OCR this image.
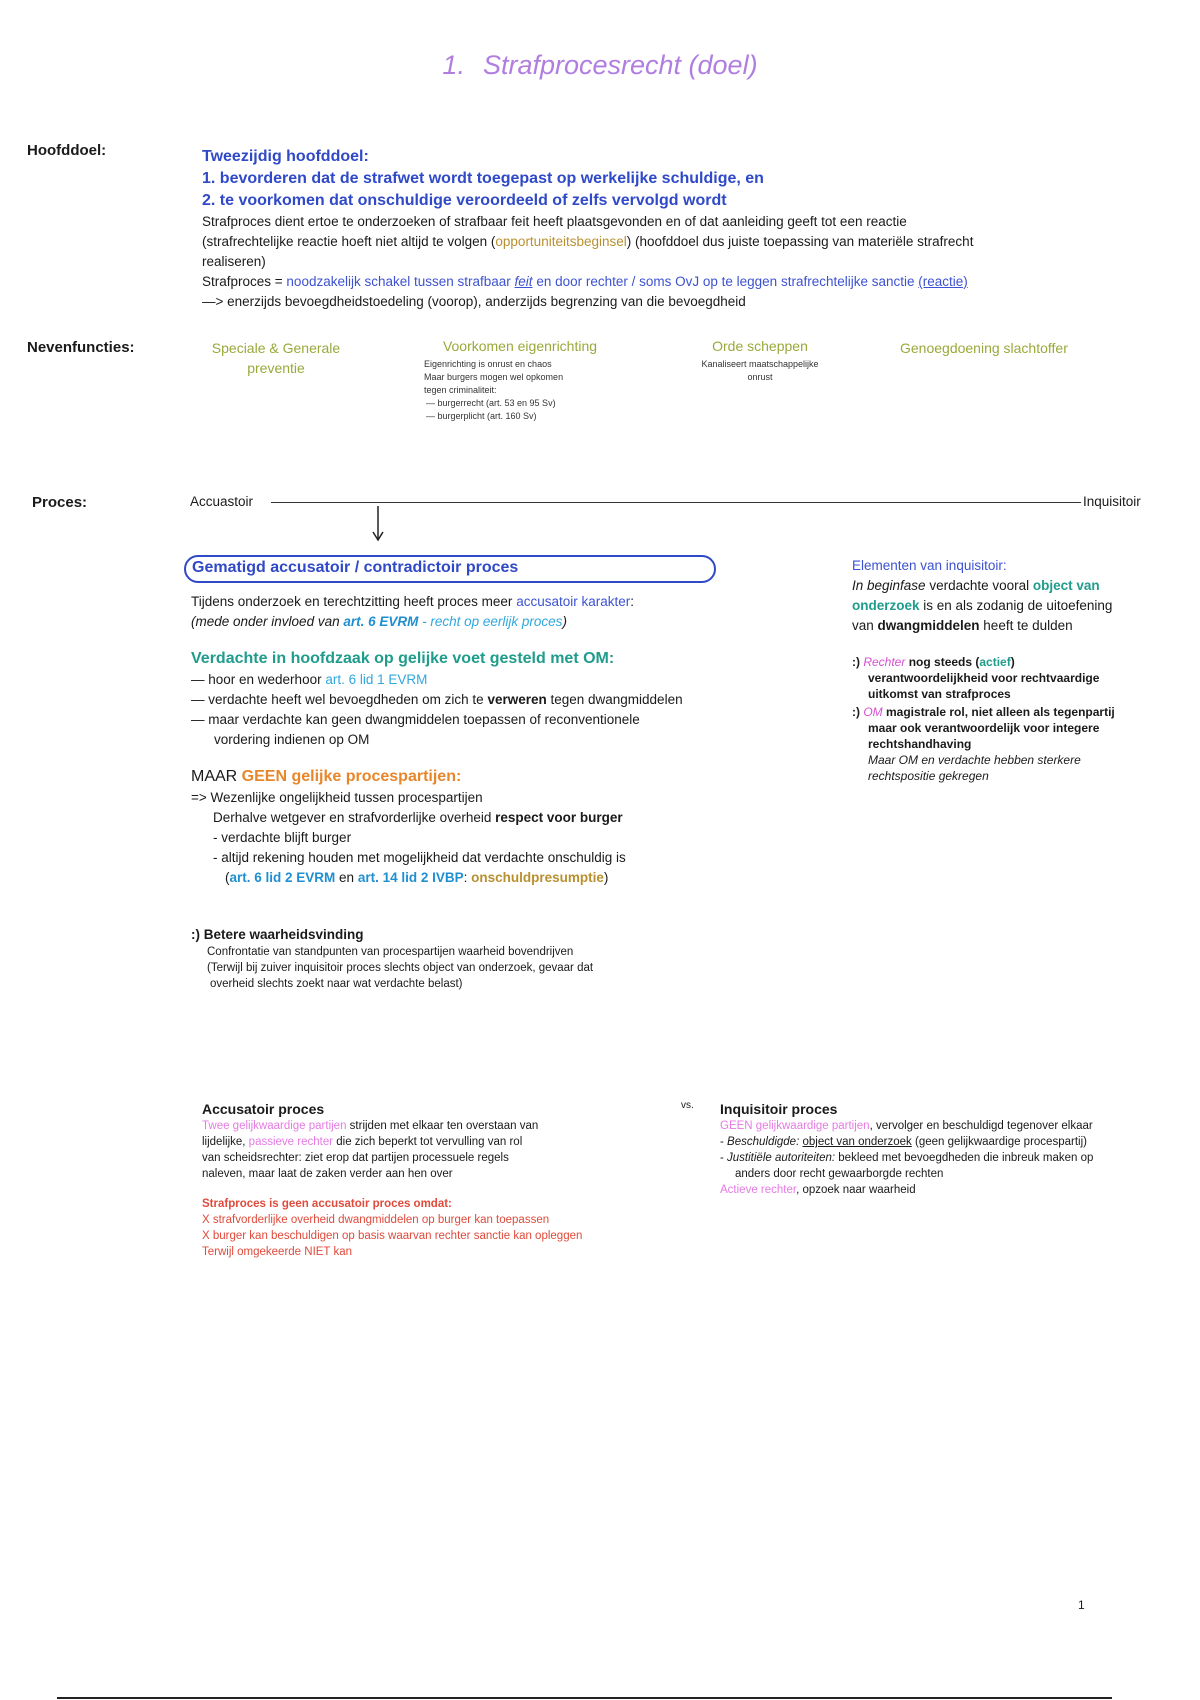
1. Strafprocesrecht (doel)
Hoofddoel:	Tweezijdig hoofddoel:
1. bevorderen dat de strafwet wordt toegepast op werkelijke schuldige, en
2. te voorkomen dat onschuldige veroordeeld of zelfs vervolgd wordt
Strafproces dient ertoe te onderzoeken of strafbaar feit heeft plaatsgevonden en of dat aanleiding geeft tot een reactie
(strafrechtelijke reactie hoeft niet altijd te volgen (opportuniteitsbeginsel) (hoofddoel dus juiste toepassing van materiële strafrecht
realiseren)
Strafproces = noodzakelijk schakel tussen strafbaar feit en door rechter / soms OvJ op te leggen strafrechtelijke sanctie (reactie)
—> enerzijds bevoegdheidstoedeling (voorop), anderzijds begrenzing van die bevoegdheid
Nevenfuncties:	Speciale & Generale
preventie
Voorkomen eigenrichting
Eigenrichting is onrust en chaos
Maar burgers mogen wel opkomen
tegen criminaliteit:
— burgerrecht (art. 53 en 95 Sv)
— burgerplicht (art. 160 Sv)
Orde scheppen
Kanaliseert maatschappelijke
onrust
Genoegdoening slachtoffer
Proces:	Accuastoir	Inquisitoir
Gematigd accusatoir / contradictoir proces
Tijdens onderzoek en terechtzitting heeft proces meer accusatoir karakter:
(mede onder invloed van art. 6 EVRM - recht op eerlijk proces)
Verdachte in hoofdzaak op gelijke voet gesteld met OM:
— hoor en wederhoor art. 6 lid 1 EVRM
— verdachte heeft wel bevoegdheden om zich te verweren tegen dwangmiddelen
— maar verdachte kan geen dwangmiddelen toepassen of reconventionele
vordering indienen op OM
MAAR GEEN gelijke procespartijen:
=> Wezenlijke ongelijkheid tussen procespartijen
Derhalve wetgever en strafvorderlijke overheid respect voor burger
- verdachte blijft burger
- altijd rekening houden met mogelijkheid dat verdachte onschuldig is
(art. 6 lid 2 EVRM en art. 14 lid 2 IVBP: onschuldpresumptie)
:) Betere waarheidsvinding
Confrontatie van standpunten van procespartijen waarheid bovendrijven
(Terwijl bij zuiver inquisitoir proces slechts object van onderzoek, gevaar dat
overheid slechts zoekt naar wat verdachte belast)
Elementen van inquisitoir:
In beginfase verdachte vooral object van
onderzoek is en als zodanig de uitoefening
van dwangmiddelen heeft te dulden
:) Rechter nog steeds (actief)
verantwoordelijkheid voor rechtvaardige
uitkomst van strafproces
:) OM magistrale rol, niet alleen als tegenpartij
maar ook verantwoordelijk voor integere
rechtshandhaving
Maar OM en verdachte hebben sterkere
rechtspositie gekregen
Accusatoir proces
Twee gelijkwaardige partijen strijden met elkaar ten overstaan van
lijdelijke, passieve rechter die zich beperkt tot vervulling van rol
van scheidsrechter: ziet erop dat partijen processuele regels
naleven, maar laat de zaken verder aan hen over
Strafproces is geen accusatoir proces omdat:
X strafvorderlijke overheid dwangmiddelen op burger kan toepassen
X burger kan beschuldigen op basis waarvan rechter sanctie kan opleggen
Terwijl omgekeerde NIET kan
vs. Inquisitoir proces
GEEN gelijkwaardige partijen, vervolger en beschuldigd tegenover elkaar
- Beschuldigde: object van onderzoek (geen gelijkwaardige procespartij)
- Justitiële autoriteiten: bekleed met bevoegdheden die inbreuk maken op
anders door recht gewaarborgde rechten
Actieve rechter, opzoek naar waarheid
1
